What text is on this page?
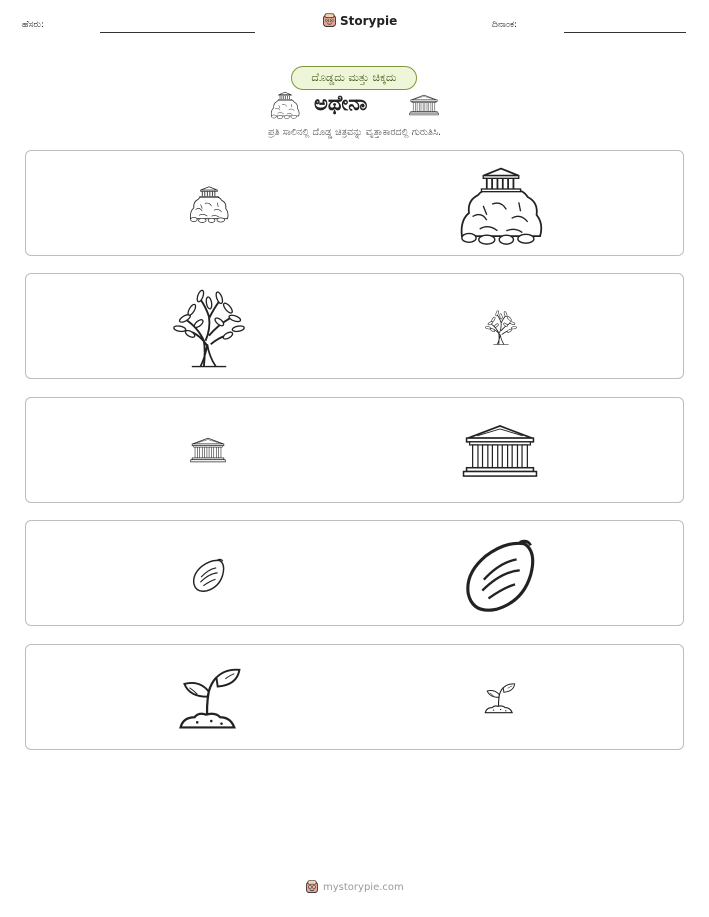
ಹೆಸರು:	Storypie	ದಿನಾಂಕ:
ದೊಡ್ಡದು ಮತ್ತು ಚಿಕ್ಕದು
ಅಥೇನಾ
ಪ್ರತಿ ಸಾಲಿನಲ್ಲಿ ದೊಡ್ಡ ಚಿತ್ರವನ್ನು ವೃತ್ತಾಕಾರದಲ್ಲಿ ಗುರುತಿಸಿ.
mystorypie.com
